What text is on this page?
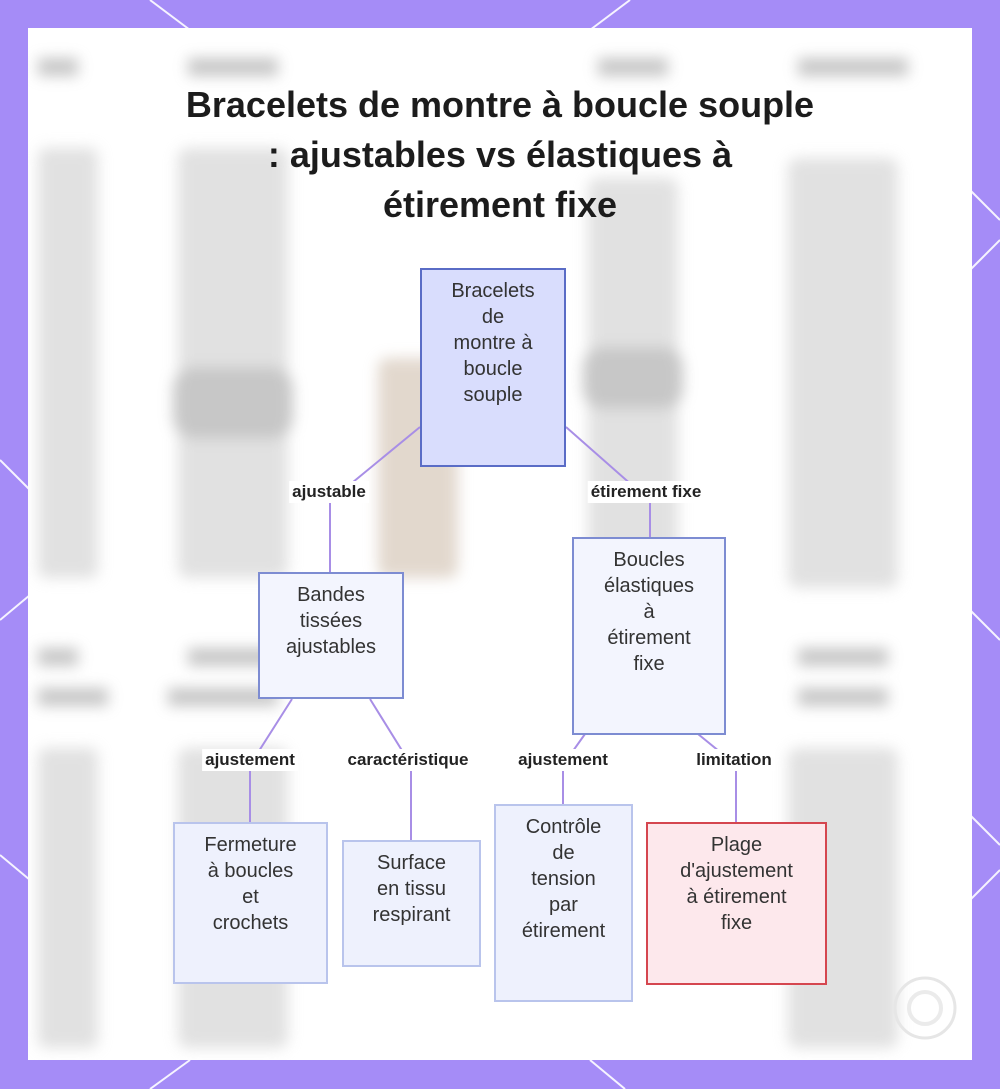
Bracelets de montre à boucle souple
: ajustables vs élastiques à
étirement fixe
ajustable	étirement fixe
ajustement	caractéristique	ajustement	limitation
Bracelets
de
montre à
boucle
souple
Bandes
tissées
ajustables
Boucles
élastiques
à
étirement
fixe
Fermeture
à boucles
et
crochets
Surface
en tissu
respirant
Contrôle
de
tension
par
étirement
Plage
d'ajustement
à étirement
fixe
